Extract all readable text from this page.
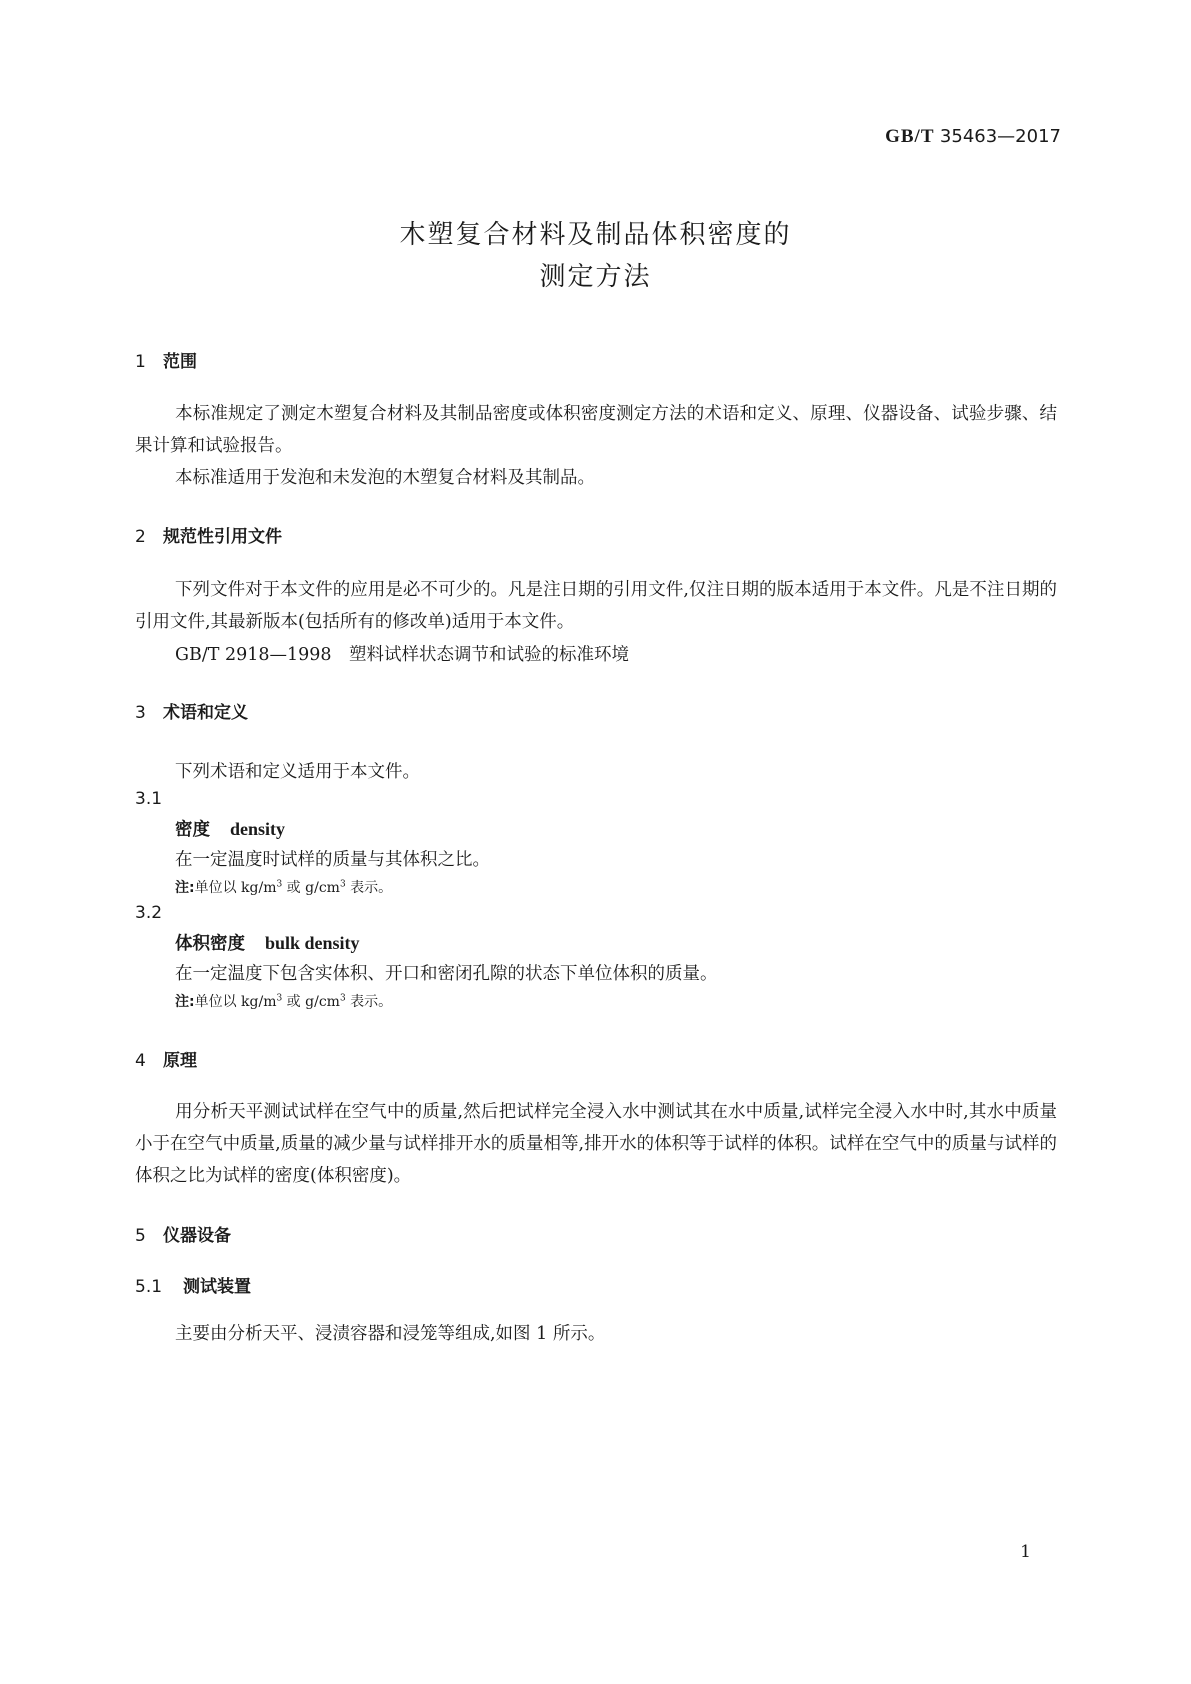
GB/T 35463—2017
木塑复合材料及制品体积密度的
测定方法
1 范围
本标准规定了测定木塑复合材料及其制品密度或体积密度测定方法的术语和定义、原理、仪器设备、试验步骤、结果计算和试验报告。
本标准适用于发泡和未发泡的木塑复合材料及其制品。
2 规范性引用文件
下列文件对于本文件的应用是必不可少的。凡是注日期的引用文件,仅注日期的版本适用于本文件。凡是不注日期的引用文件,其最新版本(包括所有的修改单)适用于本文件。
GB/T 2918—1998　塑料试样状态调节和试验的标准环境
3 术语和定义
下列术语和定义适用于本文件。
3.1
密度 density
在一定温度时试样的质量与其体积之比。
注:单位以 $kg/m^3$ 或 $g/cm^3$ 表示。
3.2
体积密度 bulk density
在一定温度下包含实体积、开口和密闭孔隙的状态下单位体积的质量。
注:单位以 $kg/m^3$ 或 $g/cm^3$ 表示。
4 原理
用分析天平测试试样在空气中的质量,然后把试样完全浸入水中测试其在水中质量,试样完全浸入水中时,其水中质量小于在空气中质量,质量的减少量与试样排开水的质量相等,排开水的体积等于试样的体积。试样在空气中的质量与试样的体积之比为试样的密度(体积密度)。
5 仪器设备
5.1 测试装置
主要由分析天平、浸渍容器和浸笼等组成,如图 1 所示。
1
